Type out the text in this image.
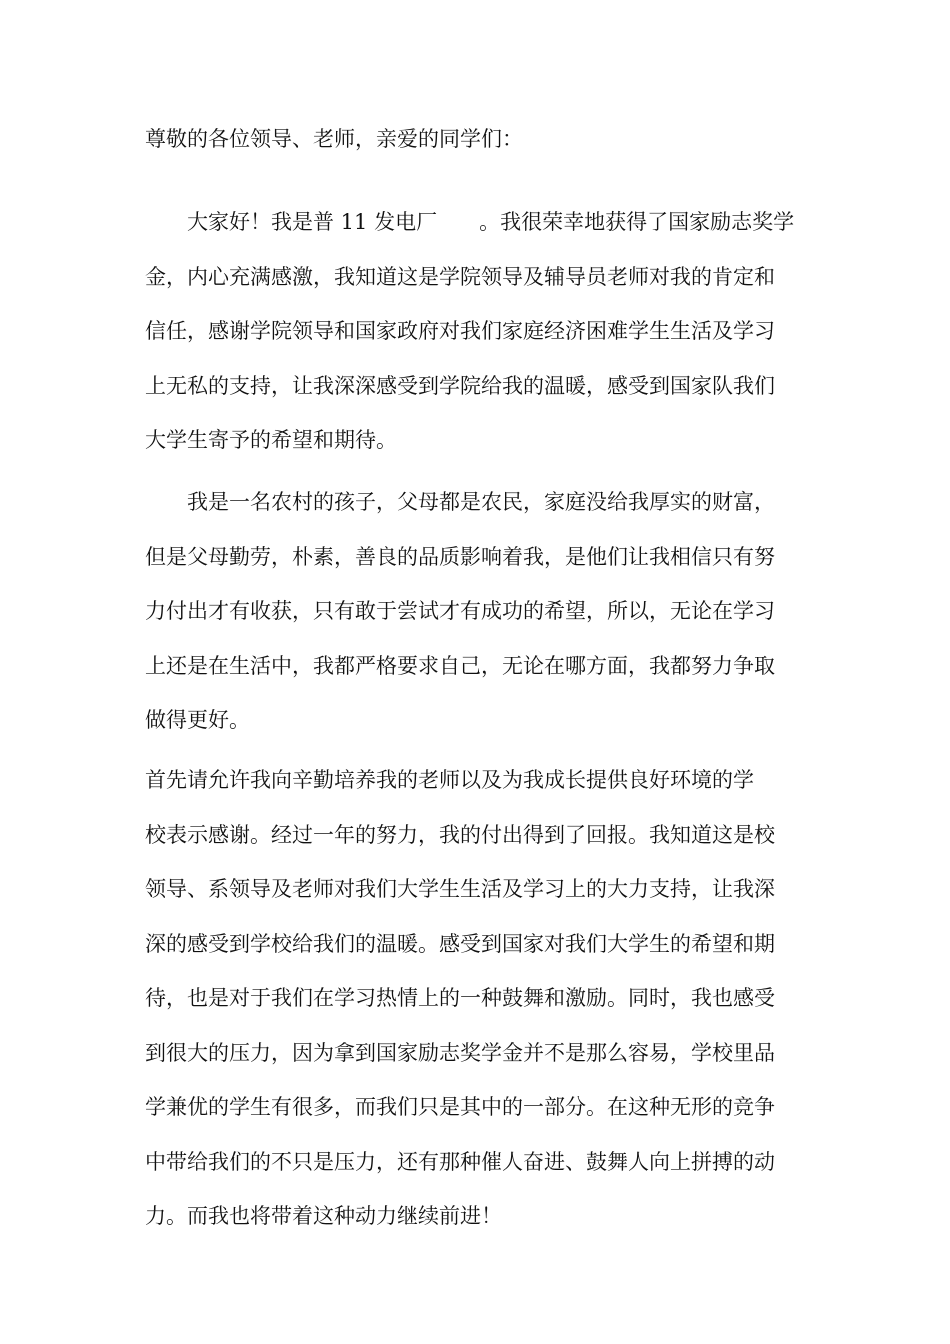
尊敬的各位领导、老师，亲爱的同学们：

大家好！我是普 11 发电厂　　。我很荣幸地获得了国家励志奖学
金，内心充满感激，我知道这是学院领导及辅导员老师对我的肯定和
信任，感谢学院领导和国家政府对我们家庭经济困难学生生活及学习
上无私的支持，让我深深感受到学院给我的温暖，感受到国家队我们
大学生寄予的希望和期待。
我是一名农村的孩子，父母都是农民，家庭没给我厚实的财富，
但是父母勤劳，朴素，善良的品质影响着我，是他们让我相信只有努
力付出才有收获，只有敢于尝试才有成功的希望，所以，无论在学习
上还是在生活中，我都严格要求自己，无论在哪方面，我都努力争取
做得更好。
首先请允许我向辛勤培养我的老师以及为我成长提供良好环境的学
校表示感谢。经过一年的努力，我的付出得到了回报。我知道这是校
领导、系领导及老师对我们大学生生活及学习上的大力支持，让我深
深的感受到学校给我们的温暖。感受到国家对我们大学生的希望和期
待，也是对于我们在学习热情上的一种鼓舞和激励。同时，我也感受
到很大的压力，因为拿到国家励志奖学金并不是那么容易，学校里品
学兼优的学生有很多，而我们只是其中的一部分。在这种无形的竞争
中带给我们的不只是压力，还有那种催人奋进、鼓舞人向上拼搏的动
力。而我也将带着这种动力继续前进！
